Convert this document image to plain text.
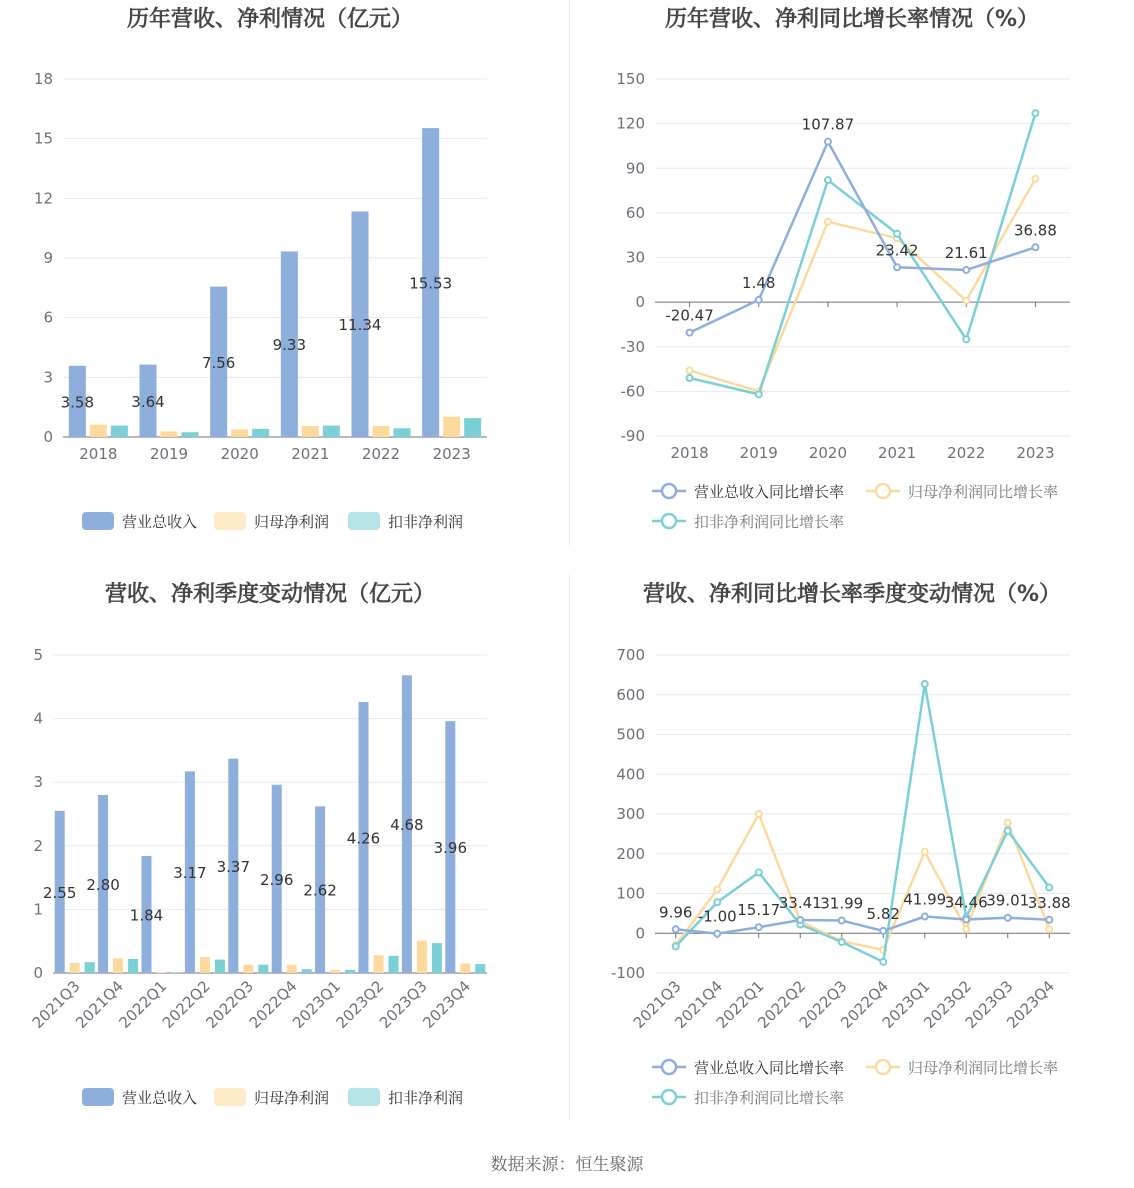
历年营收、净利情况（亿元）
0
3
6
9
12
15
18
2018 2019 2020 2021 2022 2023
3.58 3.64
7.56
9.33
11.34
15.53
营业总收入	归母净利润	扣非净利润
历年营收、净利同比增长率情况（%）
-90
-60
-30
0
30
60
90
120
150
2018 2019 2020 2021 2022 2023
-20.47
1.48
107.87
23.42 21.61
36.88
营业总收入同比增长率	归母净利润同比增长率
扣非净利润同比增长率
营收、净利季度变动情况（亿元）
0
1
2
3
4
5
2021Q3
2021Q4
2022Q1
2022Q2
2022Q3
2022Q4
2023Q1
2023Q2
2023Q3
2023Q4
2.55 2.80
1.84
3.17 3.37
2.96
2.62
4.26
4.68
3.96
营业总收入	归母净利润	扣非净利润
营收、净利同比增长率季度变动情况（%）
-100
0
100
200
300
400
500
600
700
2021Q3
2021Q4
2022Q1
2022Q2
2022Q3
2022Q4
2023Q1
2023Q2
2023Q3
2023Q4
9.96 -1.00 15.17
33.41
31.99
5.82
41.99
34.46
39.01
33.88
营业总收入同比增长率	归母净利润同比增长率
扣非净利润同比增长率
数据来源：恒生聚源
